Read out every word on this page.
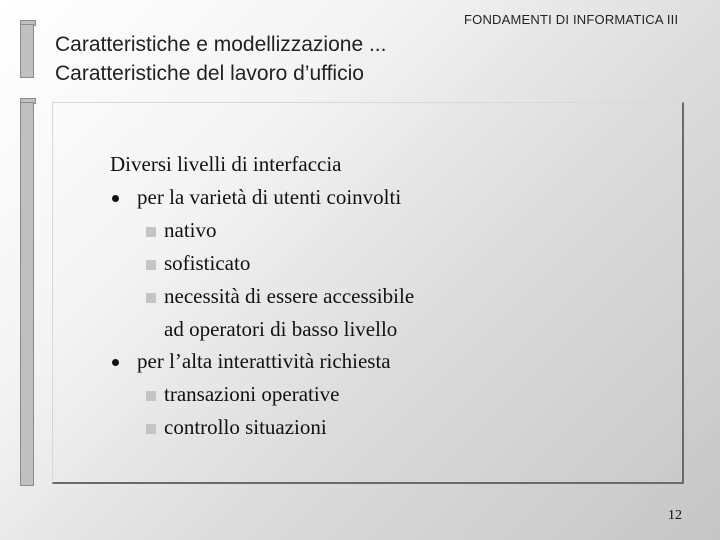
Caratteristiche e modellizzazione ...
Caratteristiche del lavoro d’ufficio
FONDAMENTI DI INFORMATICA III
Diversi livelli di interfaccia
per la varietà di utenti coinvolti
nativo
sofisticato
necessità di essere accessibile
ad operatori di basso livello
per l’alta interattività richiesta
transazioni operative
controllo situazioni
12
